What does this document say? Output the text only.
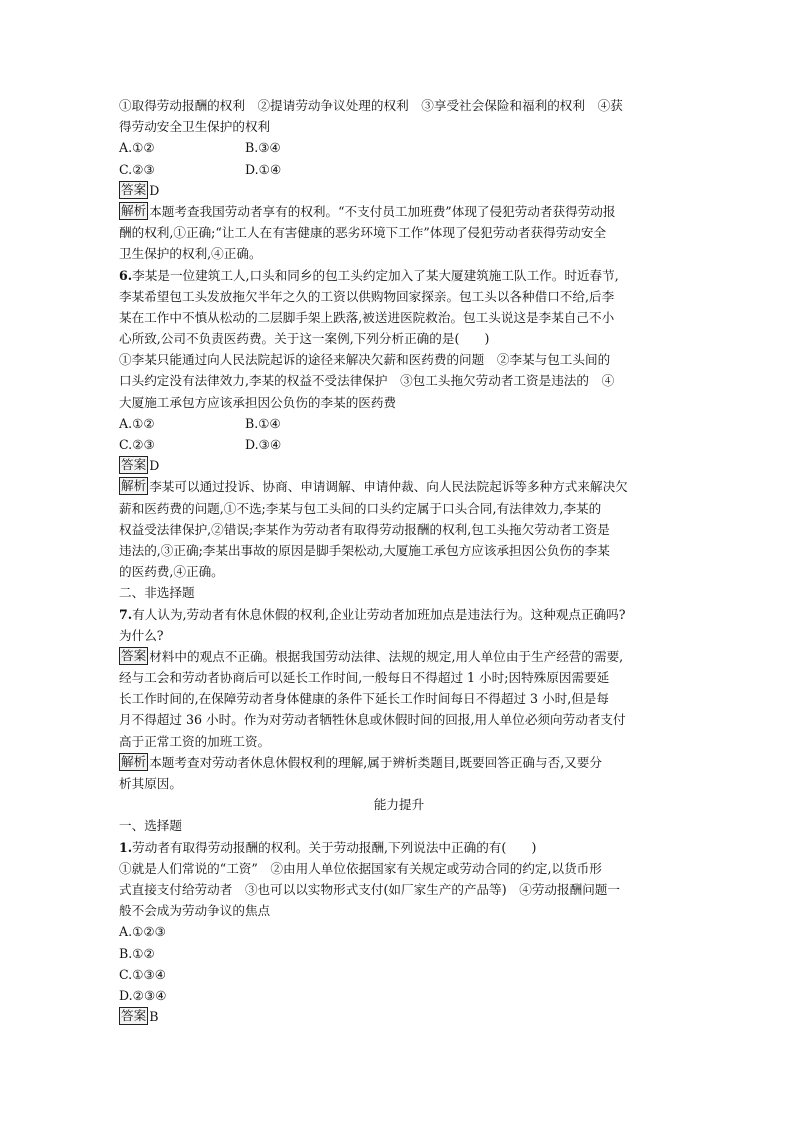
①取得劳动报酬的权利　②提请劳动争议处理的权利　③享受社会保险和福利的权利　④获
得劳动安全卫生保护的权利
A.①②	B.③④
C.②③	D.①④
答案 D
解析 本题考查我国劳动者享有的权利。“不支付员工加班费”体现了侵犯劳动者获得劳动报
酬的权利,①正确;“让工人在有害健康的恶劣环境下工作”体现了侵犯劳动者获得劳动安全
卫生保护的权利,④正确。
6.李某是一位建筑工人,口头和同乡的包工头约定加入了某大厦建筑施工队工作。时近春节,
李某希望包工头发放拖欠半年之久的工资以供购物回家探亲。包工头以各种借口不给,后李
某在工作中不慎从松动的二层脚手架上跌落,被送进医院救治。包工头说这是李某自己不小
心所致,公司不负责医药费。关于这一案例,下列分析正确的是(　　)
①李某只能通过向人民法院起诉的途径来解决欠薪和医药费的问题　②李某与包工头间的
口头约定没有法律效力,李某的权益不受法律保护　③包工头拖欠劳动者工资是违法的　④
大厦施工承包方应该承担因公负伤的李某的医药费
A.①②	B.①④
C.②③	D.③④
答案 D
解析 李某可以通过投诉、协商、申请调解、申请仲裁、向人民法院起诉等多种方式来解决欠
薪和医药费的问题,①不选;李某与包工头间的口头约定属于口头合同,有法律效力,李某的
权益受法律保护,②错误;李某作为劳动者有取得劳动报酬的权利,包工头拖欠劳动者工资是
违法的,③正确;李某出事故的原因是脚手架松动,大厦施工承包方应该承担因公负伤的李某
的医药费,④正确。
二、非选择题
7.有人认为,劳动者有休息休假的权利,企业让劳动者加班加点是违法行为。这种观点正确吗?
为什么?
答案 材料中的观点不正确。根据我国劳动法律、法规的规定,用人单位由于生产经营的需要,
经与工会和劳动者协商后可以延长工作时间,一般每日不得超过 1 小时;因特殊原因需要延
长工作时间的,在保障劳动者身体健康的条件下延长工作时间每日不得超过 3 小时,但是每
月不得超过 36 小时。作为对劳动者牺牲休息或休假时间的回报,用人单位必须向劳动者支付
高于正常工资的加班工资。
解析 本题考查对劳动者休息休假权利的理解,属于辨析类题目,既要回答正确与否,又要分
析其原因。
能力提升
一、选择题
1.劳动者有取得劳动报酬的权利。关于劳动报酬,下列说法中正确的有(　　)
①就是人们常说的“工资”　②由用人单位依据国家有关规定或劳动合同的约定,以货币形
式直接支付给劳动者　③也可以以实物形式支付(如厂家生产的产品等)　④劳动报酬问题一
般不会成为劳动争议的焦点
A.①②③
B.①②
C.①③④
D.②③④
答案 B
